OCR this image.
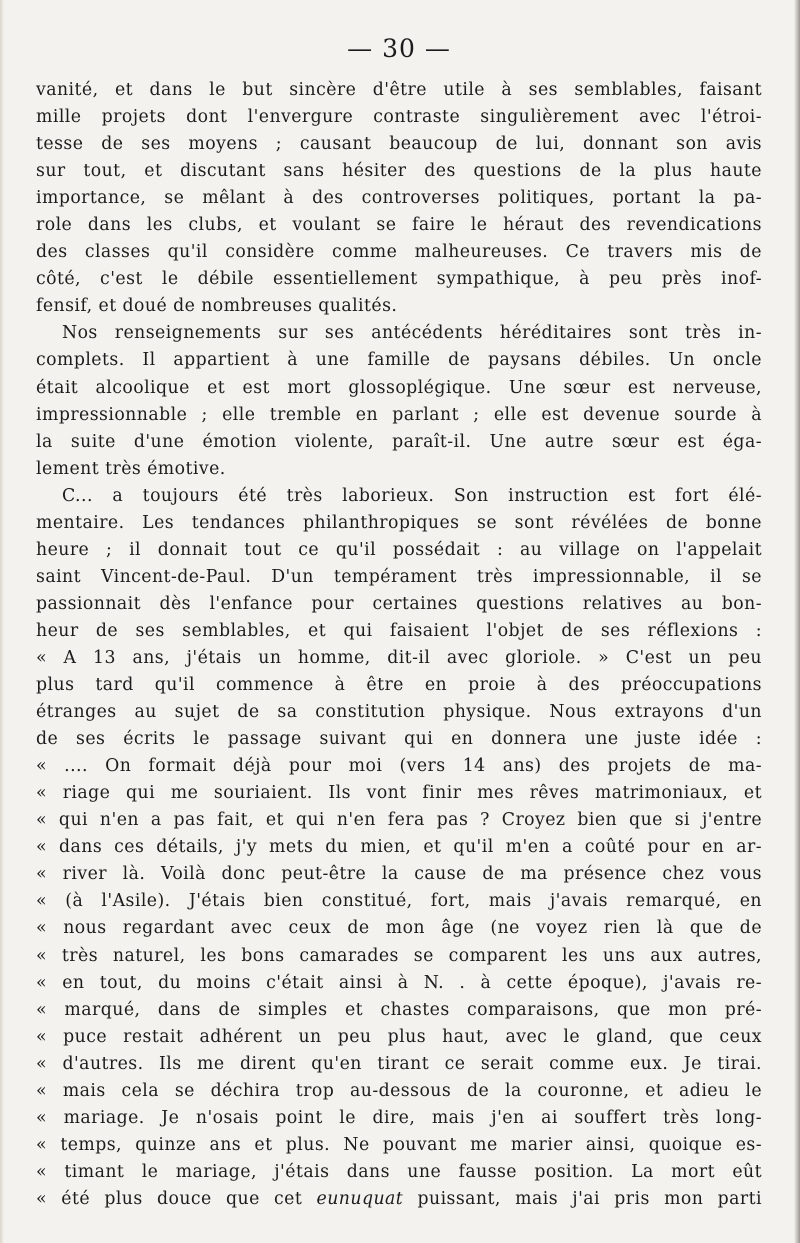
— 30 —
vanité, et dans le but sincère d'être utile à ses semblables, faisant
mille projets dont l'envergure contraste singulièrement avec l'étroi-
tesse de ses moyens ; causant beaucoup de lui, donnant son avis
sur tout, et discutant sans hésiter des questions de la plus haute
importance, se mêlant à des controverses politiques, portant la pa-
role dans les clubs, et voulant se faire le héraut des revendications
des classes qu'il considère comme malheureuses. Ce travers mis de
côté, c'est le débile essentiellement sympathique, à peu près inof-
fensif, et doué de nombreuses qualités.
Nos renseignements sur ses antécédents héréditaires sont très in-
complets. Il appartient à une famille de paysans débiles. Un oncle
était alcoolique et est mort glossoplégique. Une sœur est nerveuse,
impressionnable ; elle tremble en parlant ; elle est devenue sourde à
la suite d'une émotion violente, paraît-il. Une autre sœur est éga-
lement très émotive.
C... a toujours été très laborieux. Son instruction est fort élé-
mentaire. Les tendances philanthropiques se sont révélées de bonne
heure ; il donnait tout ce qu'il possédait : au village on l'appelait
saint Vincent-de-Paul. D'un tempérament très impressionnable, il se
passionnait dès l'enfance pour certaines questions relatives au bon-
heur de ses semblables, et qui faisaient l'objet de ses réflexions :
« A 13 ans, j'étais un homme, dit-il avec gloriole. » C'est un peu
plus tard qu'il commence à être en proie à des préoccupations
étranges au sujet de sa constitution physique. Nous extrayons d'un
de ses écrits le passage suivant qui en donnera une juste idée :
« .... On formait déjà pour moi (vers 14 ans) des projets de ma-
« riage qui me souriaient. Ils vont finir mes rêves matrimoniaux, et
« qui n'en a pas fait, et qui n'en fera pas ? Croyez bien que si j'entre
« dans ces détails, j'y mets du mien, et qu'il m'en a coûté pour en ar-
« river là. Voilà donc peut-être la cause de ma présence chez vous
« (à l'Asile). J'étais bien constitué, fort, mais j'avais remarqué, en
« nous regardant avec ceux de mon âge (ne voyez rien là que de
« très naturel, les bons camarades se comparent les uns aux autres,
« en tout, du moins c'était ainsi à N. . à cette époque), j'avais re-
« marqué, dans de simples et chastes comparaisons, que mon pré-
« puce restait adhérent un peu plus haut, avec le gland, que ceux
« d'autres. Ils me dirent qu'en tirant ce serait comme eux. Je tirai.
« mais cela se déchira trop au-dessous de la couronne, et adieu le
« mariage. Je n'osais point le dire, mais j'en ai souffert très long-
« temps, quinze ans et plus. Ne pouvant me marier ainsi, quoique es-
« timant le mariage, j'étais dans une fausse position. La mort eût
« été plus douce que cet eunuquat puissant, mais j'ai pris mon parti
